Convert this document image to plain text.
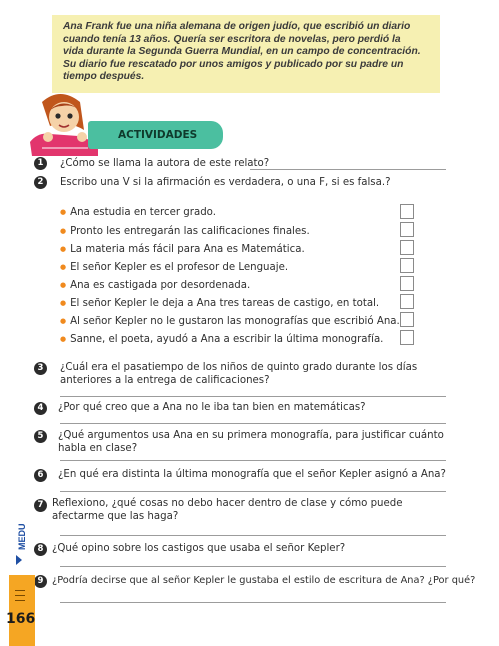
Ana Frank fue una niña alemana de origen judío, que escribió un diario cuando tenía 13 años. Quería ser escritora de novelas, pero perdió la vida durante la Segunda Guerra Mundial, en un campo de concentración. Su diario fue rescatado por unos amigos y publicado por su padre un tiempo después.

ACTIVIDADES
1	¿Cómo se llama la autora de este relato?
2	Escribo una V si la afirmación es verdadera, o una F, si es falsa.?
● Ana estudia en tercer grado.
● Pronto les entregarán las calificaciones finales.
● La materia más fácil para Ana es Matemática.
● El señor Kepler es el profesor de Lenguaje.
● Ana es castigada por desordenada.
● El señor Kepler le deja a Ana tres tareas de castigo, en total.
● Al señor Kepler no le gustaron las monografías que escribió Ana.
● Sanne, el poeta, ayudó a Ana a escribir la última monografía.
3	¿Cuál era el pasatiempo de los niños de quinto grado durante los días anteriores a la entrega de calificaciones?
4	¿Por qué creo que a Ana no le iba tan bien en matemáticas?
5	¿Qué argumentos usa Ana en su primera monografía, para justificar cuánto habla en clase?
6	¿En qué era distinta la última monografía que el señor Kepler asignó a Ana?
7 Reflexiono, ¿qué cosas no debo hacer dentro de clase y cómo puede afectarme que las haga?
8 ¿Qué opino sobre los castigos que usaba el señor Kepler?
9 ¿Podría decirse que al señor Kepler le gustaba el estilo de escritura de Ana? ¿Por qué?
MEDU
166
